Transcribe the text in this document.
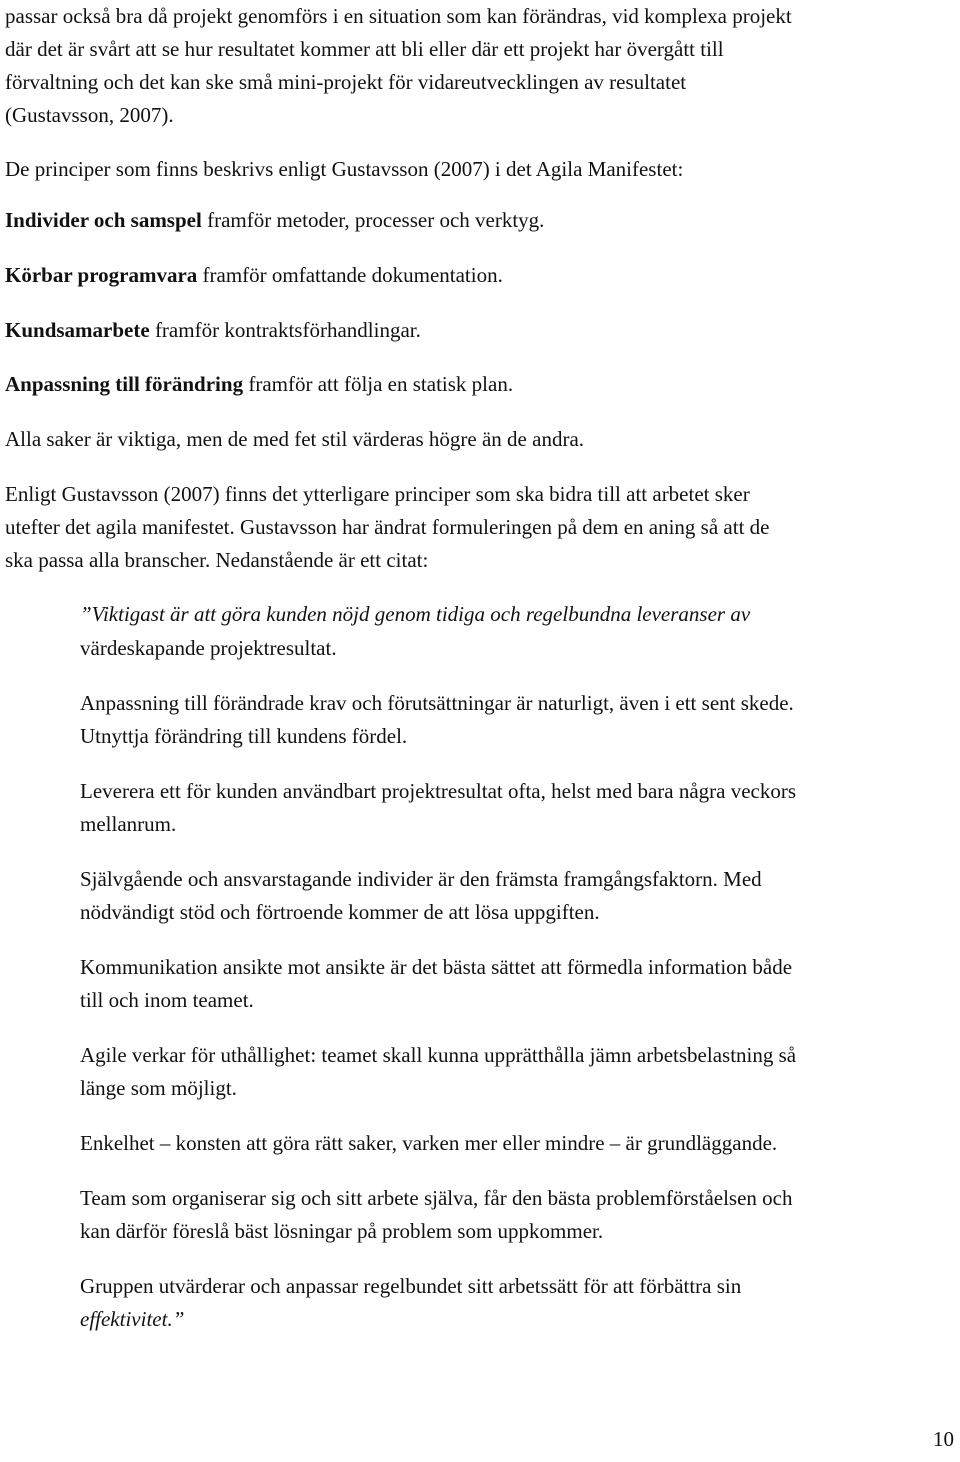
passar också bra då projekt genomförs i en situation som kan förändras, vid komplexa projekt

där det är svårt att se hur resultatet kommer att bli eller där ett projekt har övergått till

förvaltning och det kan ske små mini-projekt för vidareutvecklingen av resultatet

(Gustavsson, 2007).

De principer som finns beskrivs enligt Gustavsson (2007) i det Agila Manifestet:

Individer och samspel framför metoder, processer och verktyg.

Körbar programvara framför omfattande dokumentation.

Kundsamarbete framför kontraktsförhandlingar.

Anpassning till förändring framför att följa en statisk plan.

Alla saker är viktiga, men de med fet stil värderas högre än de andra.

Enligt Gustavsson (2007) finns det ytterligare principer som ska bidra till att arbetet sker

utefter det agila manifestet. Gustavsson har ändrat formuleringen på dem en aning så att de

ska passa alla branscher. Nedanstående är ett citat:

”Viktigast är att göra kunden nöjd genom tidiga och regelbundna leveranser av

värdeskapande projektresultat.

Anpassning till förändrade krav och förutsättningar är naturligt, även i ett sent skede.

Utnyttja förändring till kundens fördel.

Leverera ett för kunden användbart projektresultat ofta, helst med bara några veckors

mellanrum.

Självgående och ansvarstagande individer är den främsta framgångsfaktorn. Med

nödvändigt stöd och förtroende kommer de att lösa uppgiften.

Kommunikation ansikte mot ansikte är det bästa sättet att förmedla information både

till och inom teamet.

Agile verkar för uthållighet: teamet skall kunna upprätthålla jämn arbetsbelastning så

länge som möjligt.

Enkelhet – konsten att göra rätt saker, varken mer eller mindre – är grundläggande.

Team som organiserar sig och sitt arbete själva, får den bästa problemförståelsen och

kan därför föreslå bäst lösningar på problem som uppkommer.

Gruppen utvärderar och anpassar regelbundet sitt arbetssätt för att förbättra sin

effektivitet.”

10
